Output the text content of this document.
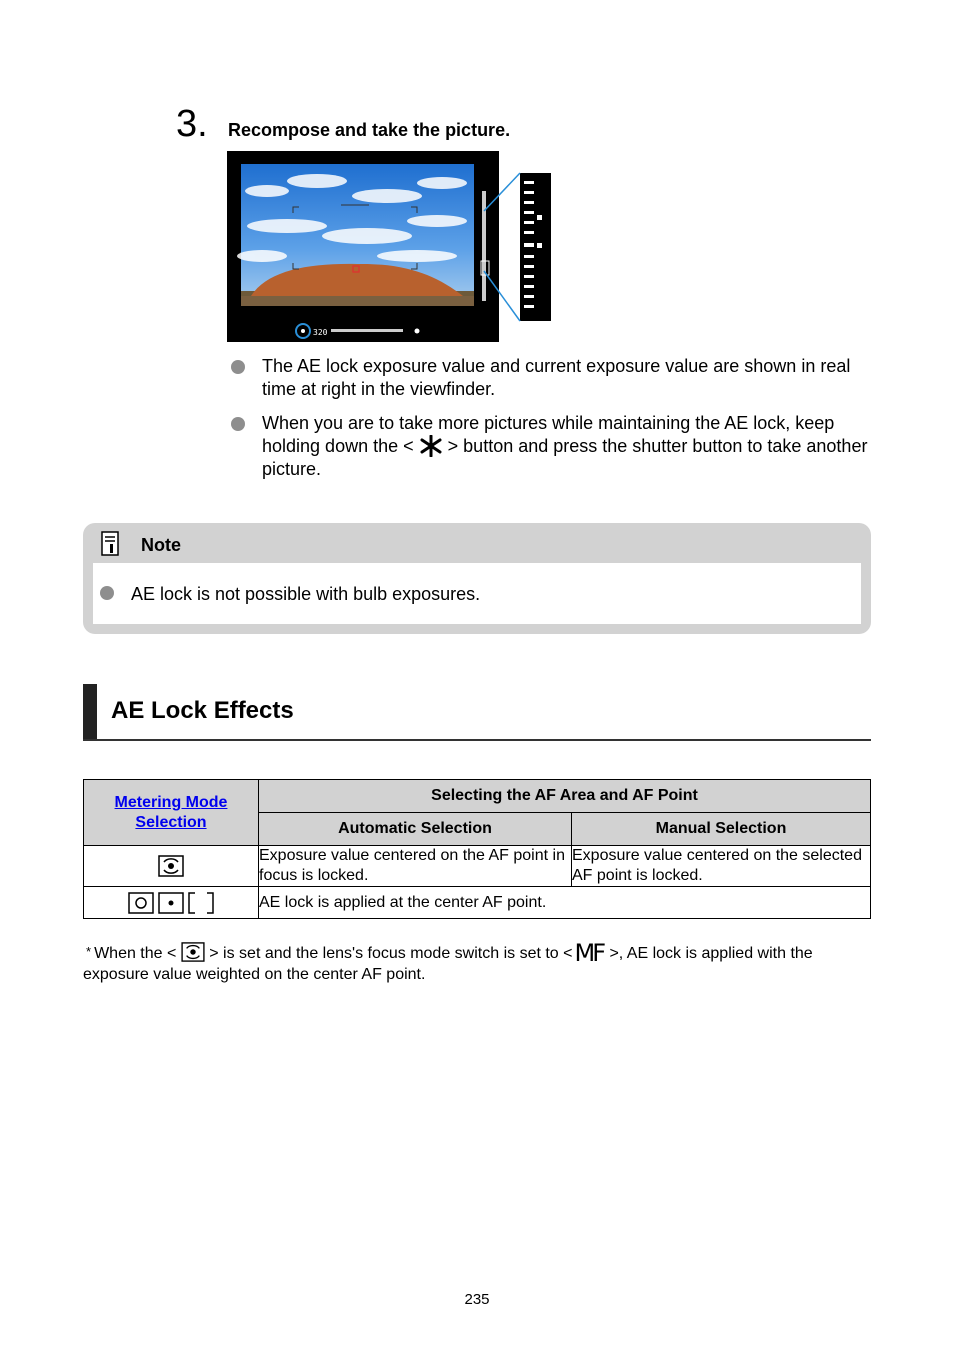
3. Recompose and take the picture.
320
The AE lock exposure value and current exposure value are shown in real time at right in the viewfinder.
When you are to take more pictures while maintaining the AE lock, keep holding down the < > button and press the shutter button to take another picture.
Note
AE lock is not possible with bulb exposures.
AE Lock Effects
Metering Mode Selection	Selecting the AF Area and AF Point	
	Automatic Selection	Manual Selection
	Exposure value centered on the AF point in focus is locked.	Exposure value centered on the selected AF point is locked.
	AE lock is applied at the center AF point.	
* When the < > is set and the lens's focus mode switch is set to <MF >, AE lock is applied with the exposure value weighted on the center AF point.
235
